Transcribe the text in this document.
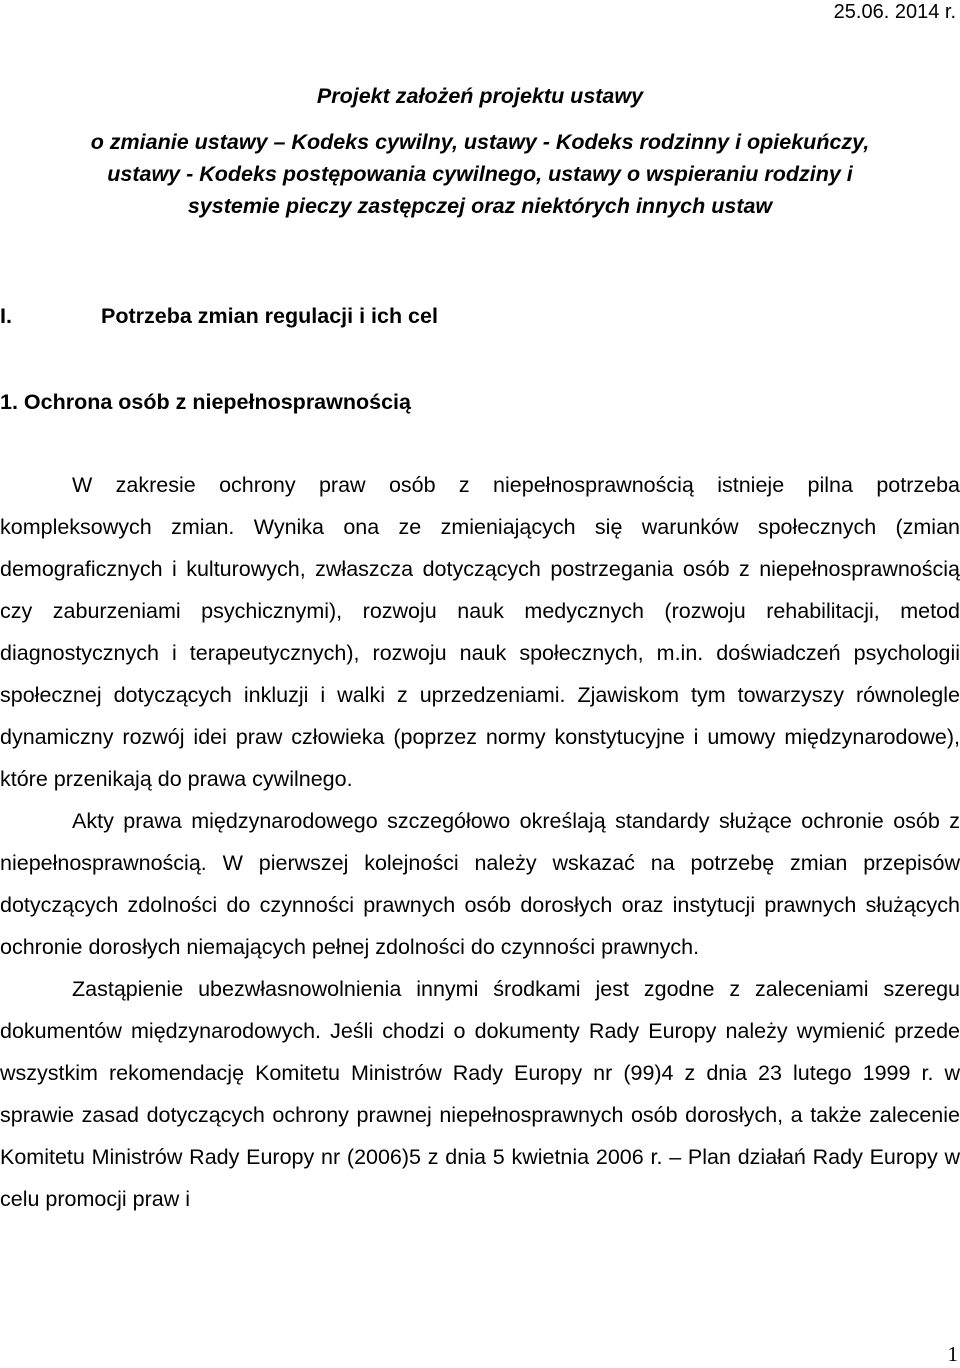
25.06. 2014 r.
Projekt założeń projektu ustawy
o zmianie ustawy – Kodeks cywilny, ustawy - Kodeks rodzinny i opiekuńczy,
ustawy - Kodeks postępowania cywilnego, ustawy o wspieraniu rodziny i
systemie pieczy zastępczej oraz niektórych innych ustaw
I.	Potrzeba zmian regulacji i ich cel
1. Ochrona osób z niepełnosprawnością

W zakresie ochrony praw osób z niepełnosprawnością istnieje pilna potrzeba kompleksowych zmian. Wynika ona ze zmieniających się warunków społecznych (zmian demograficznych i kulturowych, zwłaszcza dotyczących postrzegania osób z niepełnosprawnością czy zaburzeniami psychicznymi), rozwoju nauk medycznych (rozwoju rehabilitacji, metod diagnostycznych i terapeutycznych), rozwoju nauk społecznych, m.in. doświadczeń psychologii społecznej dotyczących inkluzji i walki z uprzedzeniami. Zjawiskom tym towarzyszy równolegle dynamiczny rozwój idei praw człowieka (poprzez normy konstytucyjne i umowy międzynarodowe), które przenikają do prawa cywilnego.

Akty prawa międzynarodowego szczegółowo określają standardy służące ochronie osób z niepełnosprawnością. W pierwszej kolejności należy wskazać na potrzebę zmian przepisów dotyczących zdolności do czynności prawnych osób dorosłych oraz instytucji prawnych służących ochronie dorosłych niemających pełnej zdolności do czynności prawnych.

Zastąpienie ubezwłasnowolnienia innymi środkami jest zgodne z zaleceniami szeregu dokumentów międzynarodowych. Jeśli chodzi o dokumenty Rady Europy należy wymienić przede wszystkim rekomendację Komitetu Ministrów Rady Europy nr (99)4 z dnia 23 lutego 1999 r. w sprawie zasad dotyczących ochrony prawnej niepełnosprawnych osób dorosłych, a także zalecenie Komitetu Ministrów Rady Europy nr (2006)5 z dnia 5 kwietnia 2006 r. – Plan działań Rady Europy w celu promocji praw i

1
